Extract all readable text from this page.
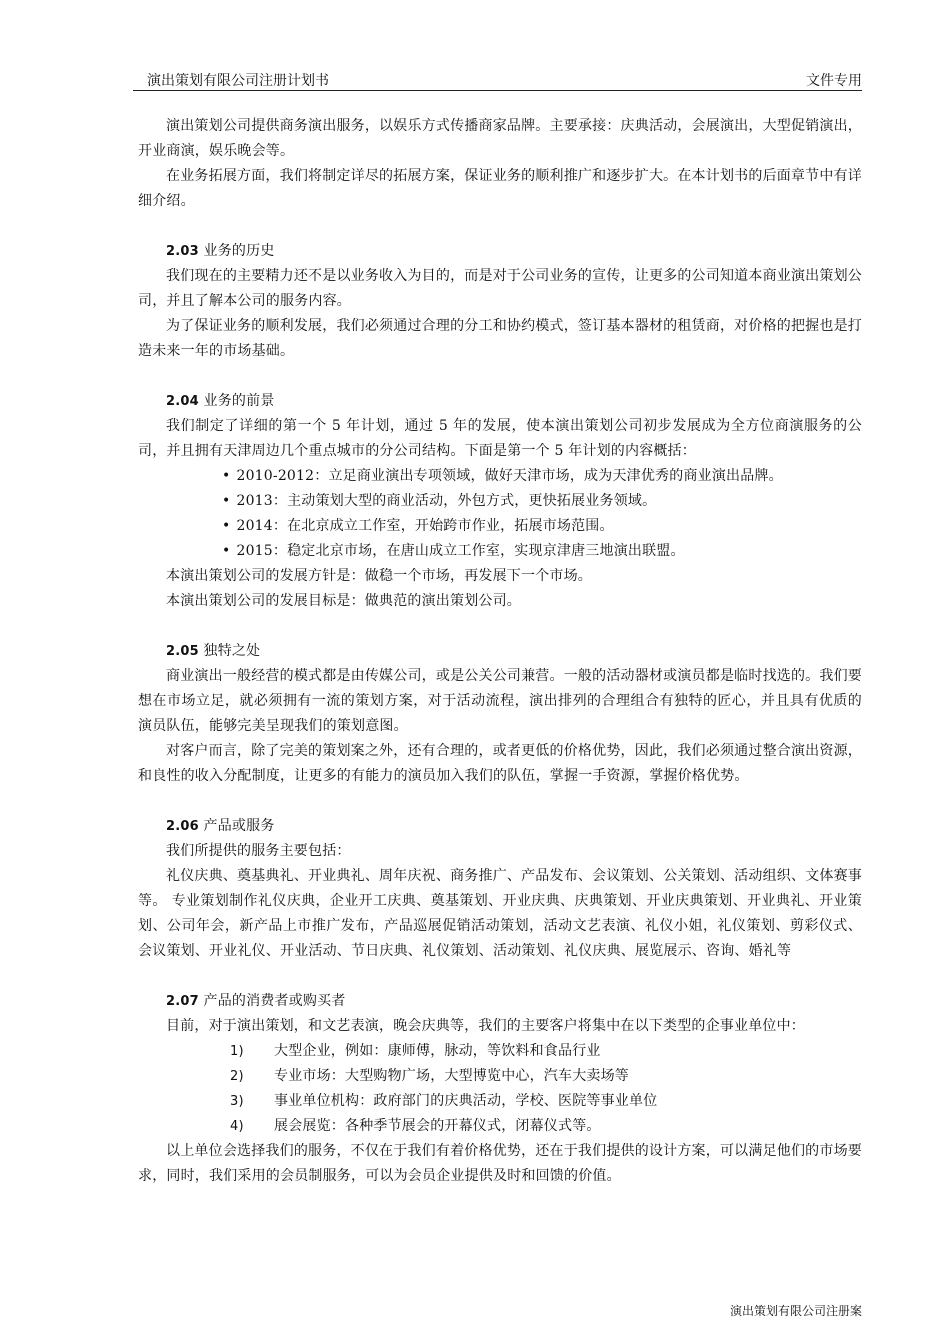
演出策划有限公司注册计划书	文件专用

演出策划公司提供商务演出服务，以娱乐方式传播商家品牌。主要承接：庆典活动，会展演出，大型促销演出，开业商演，娱乐晚会等。

在业务拓展方面，我们将制定详尽的拓展方案，保证业务的顺利推广和逐步扩大。在本计划书的后面章节中有详细介绍。

2.03 业务的历史

我们现在的主要精力还不是以业务收入为目的，而是对于公司业务的宣传，让更多的公司知道本商业演出策划公司，并且了解本公司的服务内容。

为了保证业务的顺利发展，我们必须通过合理的分工和协约模式，签订基本器材的租赁商，对价格的把握也是打造未来一年的市场基础。

2.04 业务的前景

我们制定了详细的第一个 5 年计划，通过 5 年的发展，使本演出策划公司初步发展成为全方位商演服务的公司，并且拥有天津周边几个重点城市的分公司结构。下面是第一个 5 年计划的内容概括：

• 2010-2012：立足商业演出专项领域，做好天津市场，成为天津优秀的商业演出品牌。
• 2013：主动策划大型的商业活动，外包方式，更快拓展业务领域。
• 2014：在北京成立工作室，开始跨市作业，拓展市场范围。
• 2015：稳定北京市场，在唐山成立工作室，实现京津唐三地演出联盟。

本演出策划公司的发展方针是：做稳一个市场，再发展下一个市场。

本演出策划公司的发展目标是：做典范的演出策划公司。

2.05 独特之处

商业演出一般经营的模式都是由传媒公司，或是公关公司兼营。一般的活动器材或演员都是临时找选的。我们要想在市场立足，就必须拥有一流的策划方案，对于活动流程，演出排列的合理组合有独特的匠心，并且具有优质的演员队伍，能够完美呈现我们的策划意图。

对客户而言，除了完美的策划案之外，还有合理的，或者更低的价格优势，因此，我们必须通过整合演出资源，和良性的收入分配制度，让更多的有能力的演员加入我们的队伍，掌握一手资源，掌握价格优势。

2.06 产品或服务

我们所提供的服务主要包括：

礼仪庆典、奠基典礼、开业典礼、周年庆祝、商务推广、产品发布、会议策划、公关策划、活动组织、文体赛事等。 专业策划制作礼仪庆典，企业开工庆典、奠基策划、开业庆典、庆典策划、开业庆典策划、开业典礼、开业策划、公司年会，新产品上市推广发布，产品巡展促销活动策划，活动文艺表演、礼仪小姐，礼仪策划、剪彩仪式、会议策划、开业礼仪、开业活动、节日庆典、礼仪策划、活动策划、礼仪庆典、展览展示、咨询、婚礼等

2.07 产品的消费者或购买者

目前，对于演出策划，和文艺表演，晚会庆典等，我们的主要客户将集中在以下类型的企事业单位中：

1) 大型企业，例如：康师傅，脉动，等饮料和食品行业
2) 专业市场：大型购物广场，大型博览中心，汽车大卖场等
3) 事业单位机构：政府部门的庆典活动，学校、医院等事业单位
4) 展会展览：各种季节展会的开幕仪式，闭幕仪式等。

以上单位会选择我们的服务，不仅在于我们有着价格优势，还在于我们提供的设计方案，可以满足他们的市场要求，同时，我们采用的会员制服务，可以为会员企业提供及时和回馈的价值。

演出策划有限公司注册案
